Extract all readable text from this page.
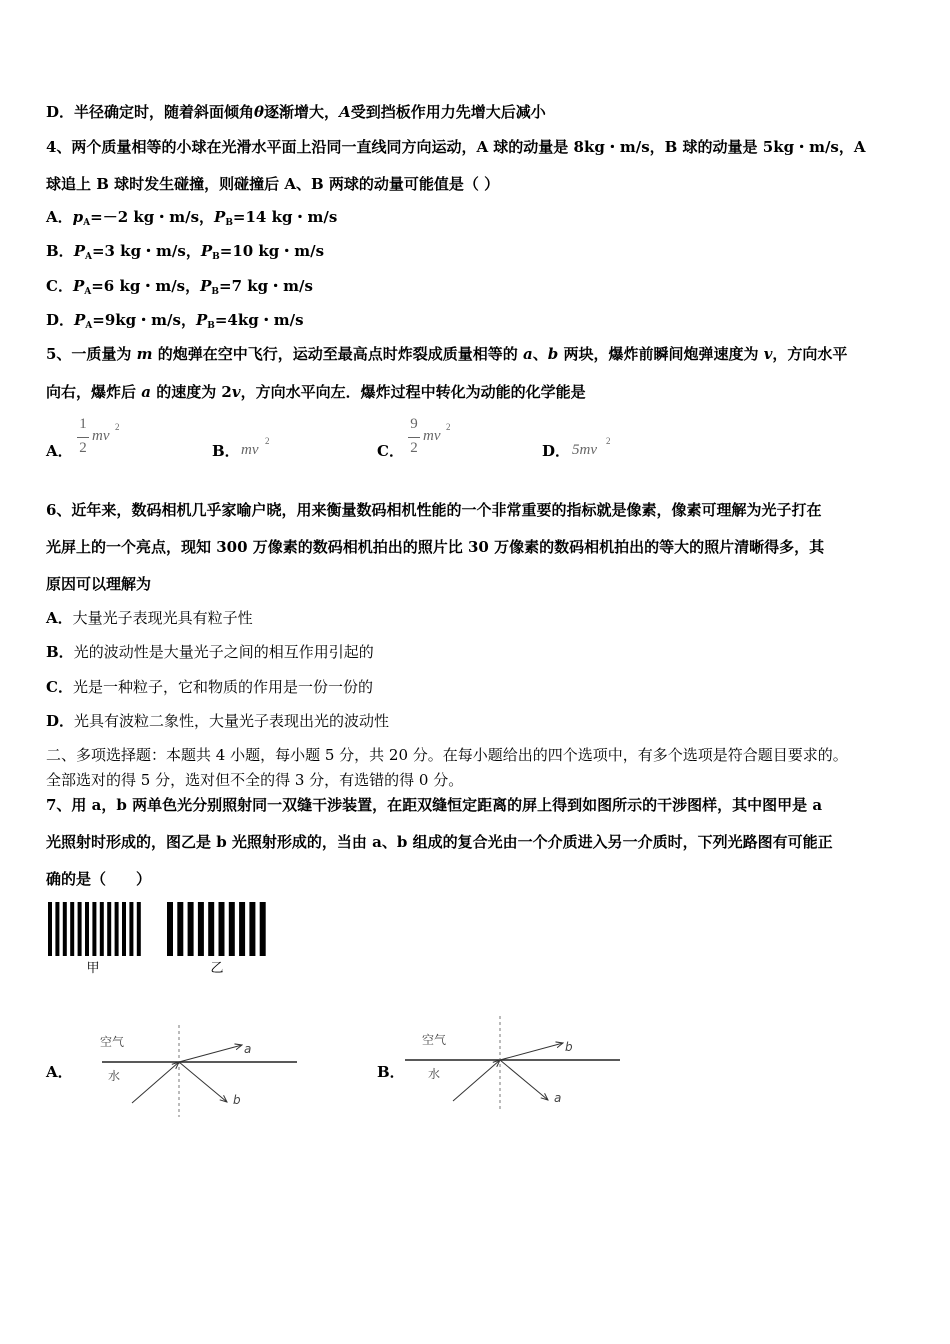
D．半径确定时，随着斜面倾角θ逐渐增大，A受到挡板作用力先增大后减小
4、两个质量相等的小球在光滑水平面上沿同一直线同方向运动，A 球的动量是 8kg・m/s，B 球的动量是 5kg・m/s，A
球追上 B 球时发生碰撞，则碰撞后 A、B 两球的动量可能值是（ ）
A．$p_A=-2$ kg・m/s，$P_B=14$ kg・m/s
B．$P_A=3$ kg・m/s，$P_B=10$ kg・m/s
C．$P_A=6$ kg・m/s，$P_B=7$ kg・m/s
D．$P_A=9kg$・m/s，$P_B=4kg$・m/s
5、一质量为 m 的炮弹在空中飞行，运动至最高点时炸裂成质量相等的 a、b 两块，爆炸前瞬间炮弹速度为 v，方向水平
向右，爆炸后 a 的速度为 2v，方向水平向左．爆炸过程中转化为动能的化学能是
A．
1
2
mv
2
B． mv
2
C．
9
2
mv
2
D． 5mv
2
6、近年来，数码相机几乎家喻户晓，用来衡量数码相机性能的一个非常重要的指标就是像素，像素可理解为光子打在
光屏上的一个亮点，现知 300 万像素的数码相机拍出的照片比 30 万像素的数码相机拍出的等大的照片清晰得多，其
原因可以理解为
A．大量光子表现光具有粒子性
B．光的波动性是大量光子之间的相互作用引起的
C．光是一种粒子，它和物质的作用是一份一份的
D．光具有波粒二象性，大量光子表现出光的波动性
二、多项选择题：本题共 4 小题，每小题 5 分，共 20 分。在每小题给出的四个选项中，有多个选项是符合题目要求的。
全部选对的得 5 分，选对但不全的得 3 分，有选错的得 0 分。
7、用 a，b 两单色光分别照射同一双缝干涉装置，在距双缝恒定距离的屏上得到如图所示的干涉图样，其中图甲是 a
光照射时形成的，图乙是 b 光照射形成的，当由 a、b 组成的复合光由一个介质进入另一介质时，下列光路图有可能正
确的是（　　）
甲	乙
A．
空气
水
a
b
B．
空气
水
b
a
